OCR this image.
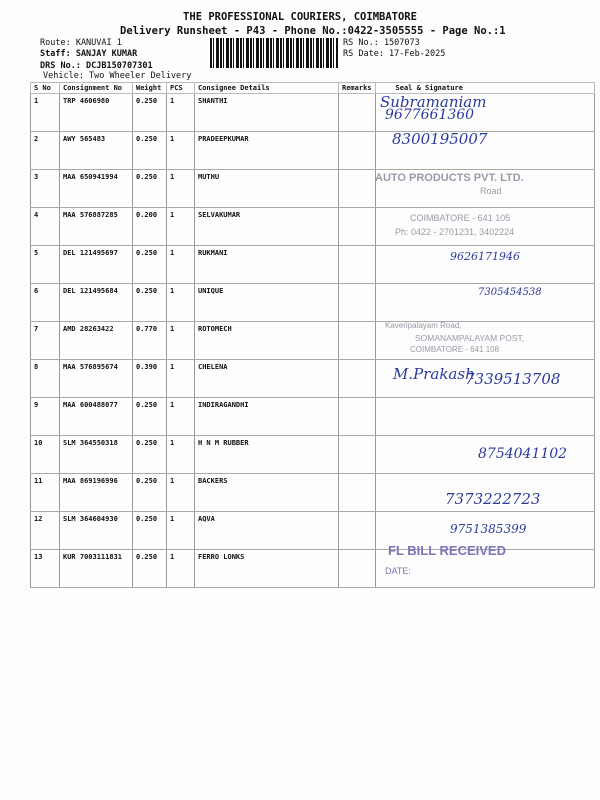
THE PROFESSIONAL COURIERS, COIMBATORE
Delivery Runsheet - P43 - Phone No.:0422-3505555 - Page No.:1
Route: KANUVAI 1
Staff: SANJAY KUMAR
DRS No.: DCJB150707301
Vehicle: Two Wheeler Delivery
RS No.: 1507073
RS Date: 17-Feb-2025
S No	Consignment No	Weight	PCS	Consignee Details	Remarks	Seal & Signature
1	TRP 4606980	0.250	1	SHANTHI		
2	AWY 565483	0.250	1	PRADEEPKUMAR		
3	MAA 650941994	0.250	1	MUTHU		
4	MAA 576887285	0.200	1	SELVAKUMAR		
5	DEL 121495697	0.250	1	RUKMANI		
6	DEL 121495684	0.250	1	UNIQUE		
7	AMD 28263422	0.770	1	ROTOMECH		
8	MAA 576895674	0.390	1	CHELENA		
9	MAA 600488077	0.250	1	INDIRAGANDHI		
10	SLM 364550318	0.250	1	H N M RUBBER		
11	MAA 869196996	0.250	1	BACKERS		
12	SLM 364604930	0.250	1	AQVA		
13	KUR 7003111831	0.250	1	FERRO LONKS		
Subramaniam
9677661360
8300195007
AUTO PRODUCTS PVT. LTD.
Road
COIMBATORE - 641 105
Ph: 0422 - 2701231, 3402224
9626171946
7305454538
Kaveripalayam Road,
SOMANAMPALAYAM POST,
COIMBATORE - 641 108
M.Prakash
7339513708
8754041102
7373222723
9751385399
FL BILL RECEIVED
DATE:
